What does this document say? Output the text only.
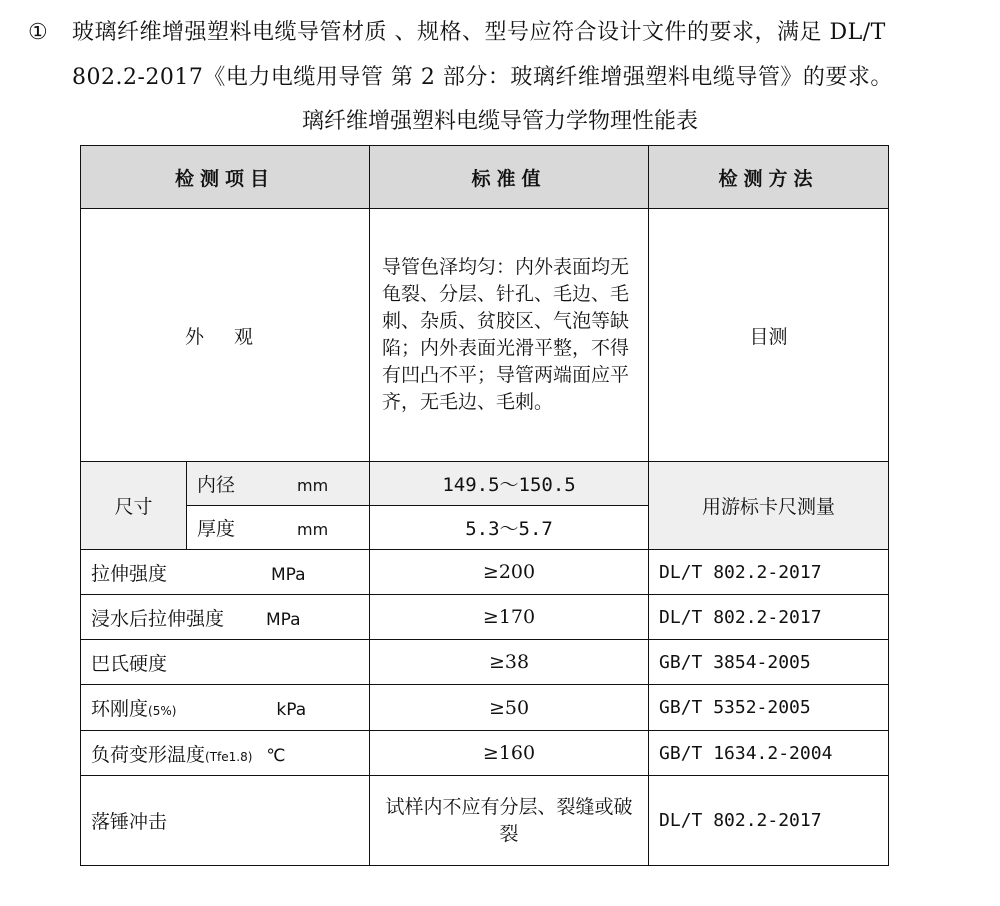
① 玻璃纤维增强塑料电缆导管材质 、规格、型号应符合设计文件的要求，满足 DL/T
802.2-2017《电力电缆用导管 第 2 部分：玻璃纤维增强塑料电缆导管》的要求。
璃纤维增强塑料电缆导管力学物理性能表
检测项目		标准值	检测方法
外 观		导管色泽均匀：内外表面均无龟裂、分层、针孔、毛边、毛刺、杂质、贫胶区、气泡等缺陷；内外表面光滑平整，不得有凹凸不平；导管两端面应平齐，无毛边、毛刺。	目测
尺寸	内径 mm	149.5～150.5	用游标卡尺测量
	厚度 mm	5.3～5.7	
拉伸强度 MPa		≥200	DL/T 802.2-2017
浸水后拉伸强度 MPa		≥170	DL/T 802.2-2017
巴氏硬度		≥38	GB/T 3854-2005
环刚度(5%) kPa		≥50	GB/T 5352-2005
负荷变形温度(Tfe1.8) ℃		≥160	GB/T 1634.2-2004
落锤冲击		试样内不应有分层、裂缝或破裂	DL/T 802.2-2017
